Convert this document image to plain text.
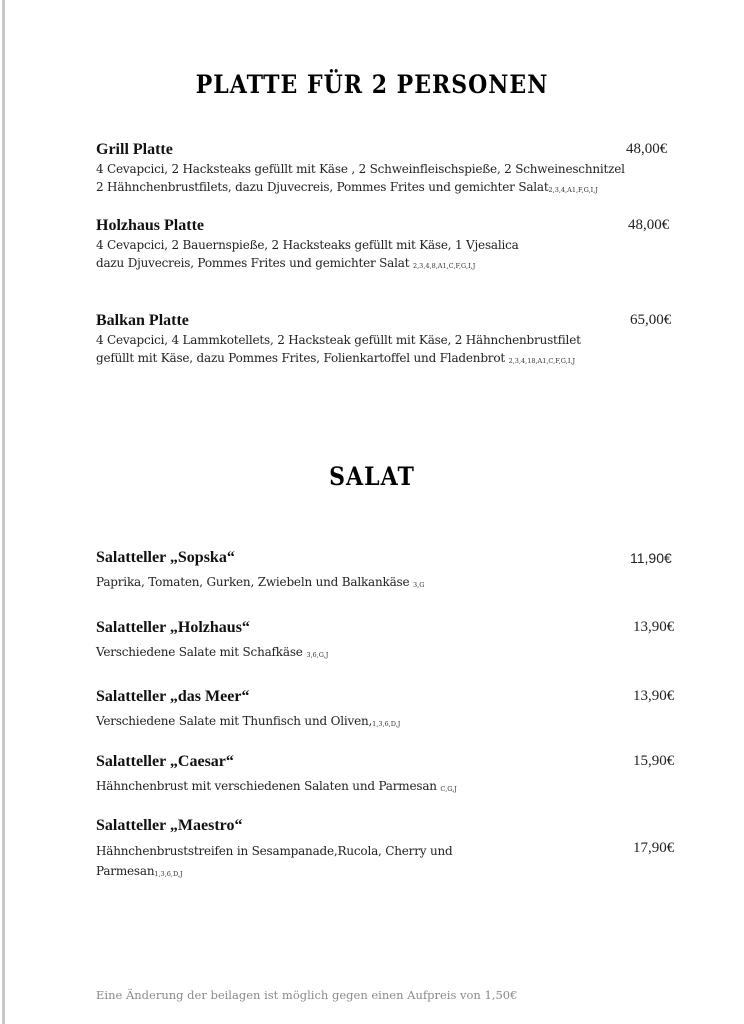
PLATTE FÜR 2 PERSONEN
Grill Platte
4 Cevapcici, 2 Hacksteaks gefüllt mit Käse , 2 Schweinfleischspieße, 2 Schweineschnitzel
2 Hähnchenbrustfilets, dazu Djuvecreis, Pommes Frites und gemichter Salat2,3,4,A1,F,G,I,J
48,00€
Holzhaus Platte
4 Cevapcici, 2 Bauernspieße, 2 Hacksteaks gefüllt mit Käse, 1 Vjesalica
dazu Djuvecreis, Pommes Frites und gemichter Salat 2,3,4,8,A1,C,F,G,I,J
48,00€
Balkan Platte
4 Cevapcici, 4 Lammkotellets, 2 Hacksteak gefüllt mit Käse, 2 Hähnchenbrustfilet
gefüllt mit Käse, dazu Pommes Frites, Folienkartoffel und Fladenbrot 2,3,4,18,A1,C,F,G,I,J
65,00€
SALAT
Salatteller „Sopska“
Paprika, Tomaten, Gurken, Zwiebeln und Balkankäse 3,G
11,90€
Salatteller „Holzhaus“
Verschiedene Salate mit Schafkäse 3,6,G,J
13,90€
Salatteller „das Meer“
Verschiedene Salate mit Thunfisch und Oliven,1,3,6,D,J
13,90€
Salatteller „Caesar“
Hähnchenbrust mit verschiedenen Salaten und Parmesan C,G,J
15,90€
Salatteller „Maestro“
Hähnchenbruststreifen in Sesampanade,Rucola, Cherry und
Parmesan1,3,6,D,J
17,90€
Eine Änderung der beilagen ist möglich gegen einen Aufpreis von 1,50€
